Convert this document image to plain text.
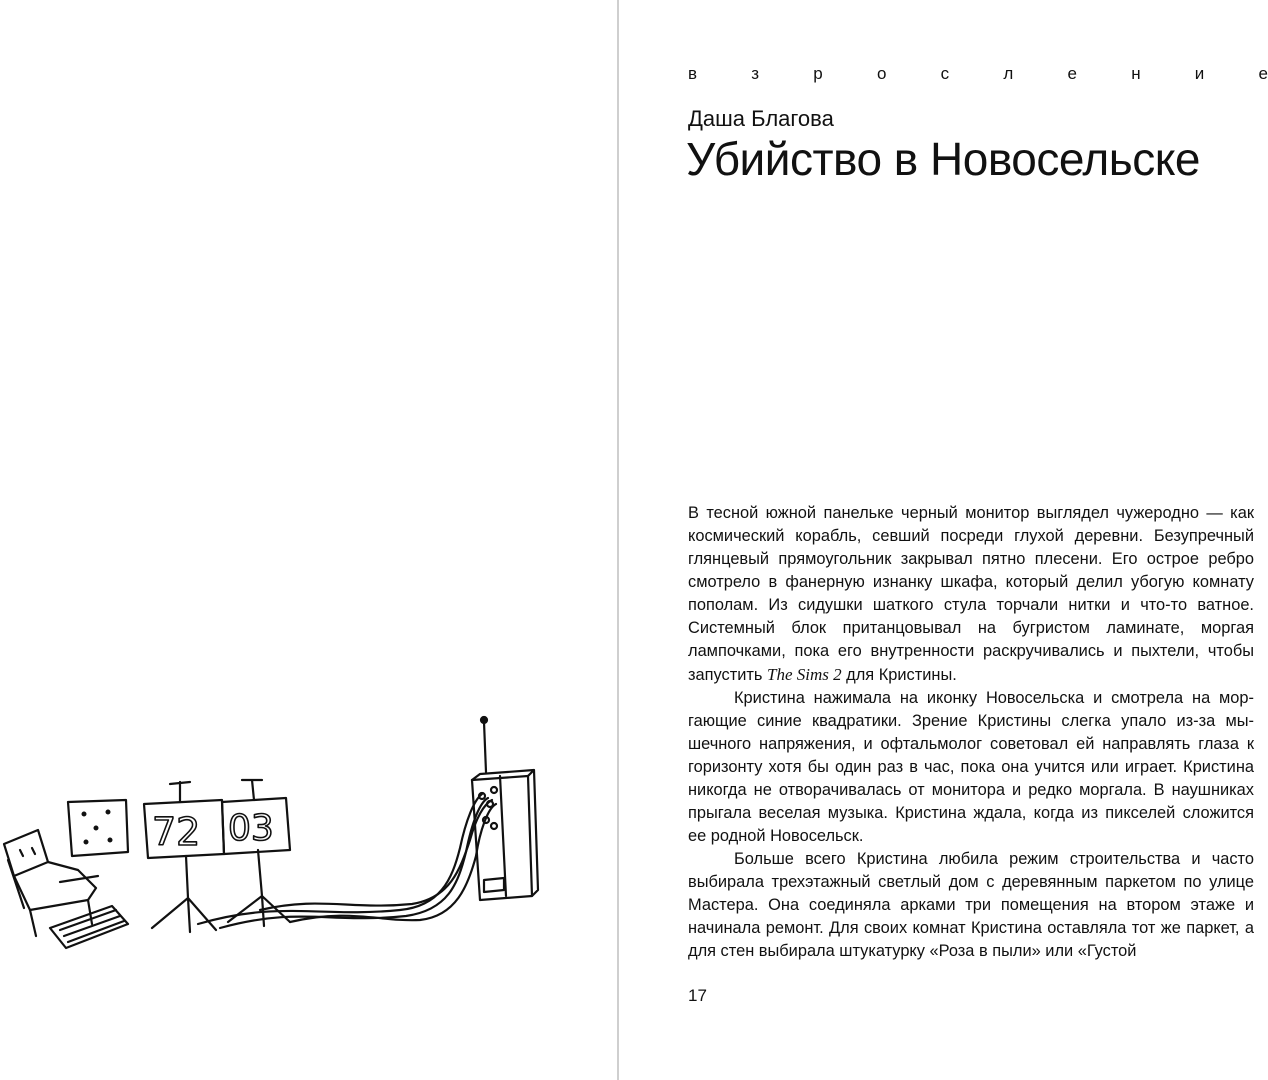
72 03
в	з	р	о	с	л	е	н	и	е
Даша Благова
Убийство в Новосельске

В тесной южной панельке черный монитор выглядел чужеродно — как космический корабль, севший посреди глухой деревни. Безупречный глянцевый прямоугольник закрывал пятно плесени. Его острое ребро смотрело в фанерную изнанку шкафа, который делил убогую комнату пополам. Из сидушки шаткого стула торчали нитки и что-то ватное. Системный блок пританцовывал на бугристом ламинате, моргая лампочками, пока его внутренности раскручивались и пыхтели, чтобы запустить The Sims 2 для Кристины.

Кристина нажимала на иконку Новосельска и смотрела на моргающие синие квадратики. Зрение Кристины слегка упало из-за мышечного напряжения, и офтальмолог советовал ей направлять глаза к горизонту хотя бы один раз в час, пока она учится или играет. Кристина никогда не отворачивалась от монитора и редко моргала. В наушниках прыгала веселая музыка. Кристина ждала, когда из пикселей сложится ее родной Новосельск.

Больше всего Кристина любила режим строительства и часто выбирала трехэтажный светлый дом с деревянным паркетом по улице Мастера. Она соединяла арками три помещения на втором этаже и начинала ремонт. Для своих комнат Кристина оставляла тот же паркет, а для стен выбирала штукатурку «Роза в пыли» или «Густой

17
